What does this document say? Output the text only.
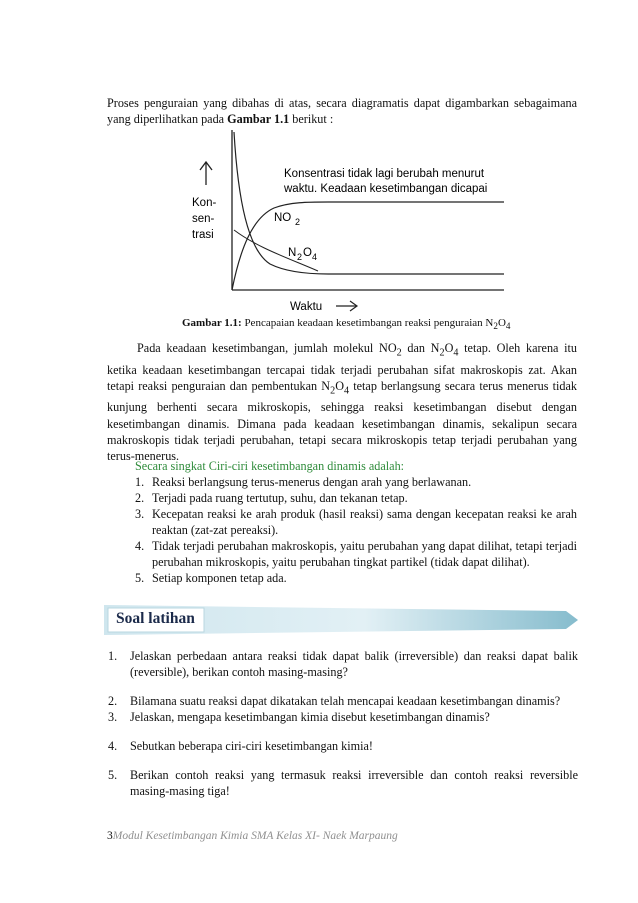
Proses penguraian yang dibahas di atas, secara diagramatis dapat digambarkan sebagaimana yang diperlihatkan pada Gambar 1.1 berikut :
Kon-
sen-
trasi
Konsentrasi tidak lagi berubah menurut
waktu. Keadaan kesetimbangan dicapai
NO 2
N 2 O 4
Waktu
Gambar 1.1: Pencapaian keadaan kesetimbangan reaksi penguraian $N_2O_4$
Pada keadaan kesetimbangan, jumlah molekul $NO_2$ dan $N_2O_4$ tetap. Oleh karena itu ketika keadaan kesetimbangan tercapai tidak terjadi perubahan sifat makroskopis zat. Akan tetapi reaksi penguraian dan pembentukan $N_2O_4$ tetap berlangsung secara terus menerus tidak kunjung berhenti secara mikroskopis, sehingga reaksi kesetimbangan disebut dengan kesetimbangan dinamis. Dimana pada keadaan kesetimbangan dinamis, sekalipun secara makroskopis tidak terjadi perubahan, tetapi secara mikroskopis tetap terjadi perubahan yang terus-menerus.
Secara singkat Ciri-ciri kesetimbangan dinamis adalah:
1. Reaksi berlangsung terus-menerus dengan arah yang berlawanan.
2. Terjadi pada ruang tertutup, suhu, dan tekanan tetap.
3. Kecepatan reaksi ke arah produk (hasil reaksi) sama dengan kecepatan reaksi ke arah reaktan (zat-zat pereaksi).
4. Tidak terjadi perubahan makroskopis, yaitu perubahan yang dapat dilihat, tetapi terjadi perubahan mikroskopis, yaitu perubahan tingkat partikel (tidak dapat dilihat).
5. Setiap komponen tetap ada.
Soal latihan
1.	Jelaskan perbedaan antara reaksi tidak dapat balik (irreversible) dan reaksi dapat balik (reversible), berikan contoh masing-masing?
2.	Bilamana suatu reaksi dapat dikatakan telah mencapai keadaan kesetimbangan dinamis?
3.	Jelaskan, mengapa kesetimbangan kimia disebut kesetimbangan dinamis?
4.	Sebutkan beberapa ciri-ciri kesetimbangan kimia!
5.	Berikan contoh reaksi yang termasuk reaksi irreversible dan contoh reaksi reversible masing-masing tiga!
3Modul Kesetimbangan Kimia SMA Kelas XI- Naek Marpaung
